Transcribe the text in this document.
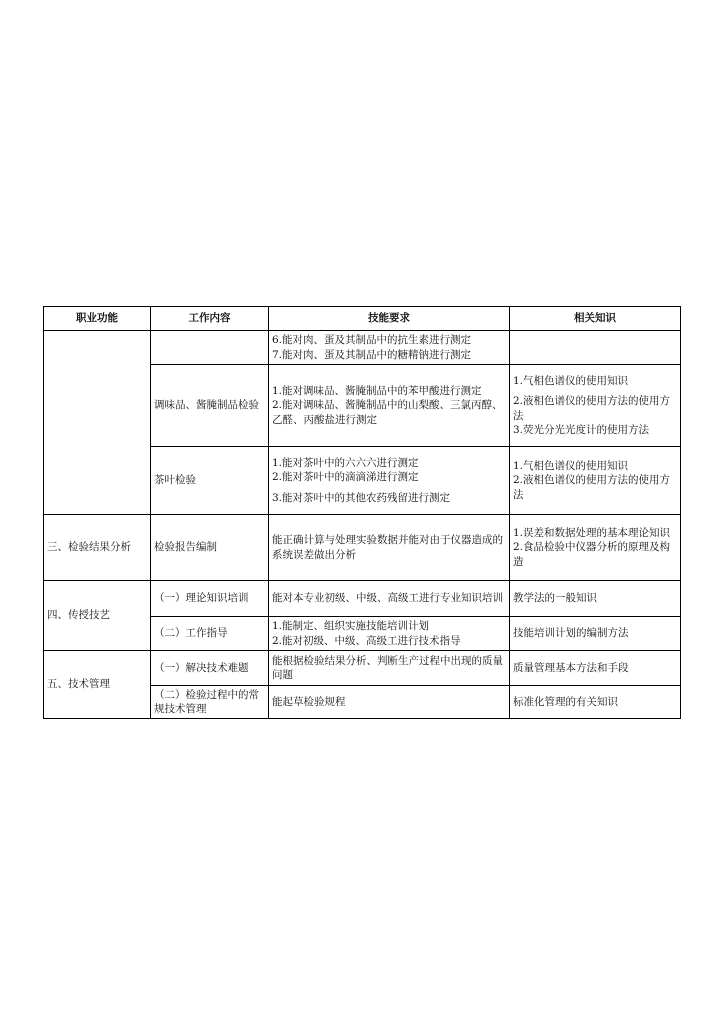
职业功能	工作内容	技能要求	相关知识

		6.能对肉、蛋及其制品中的抗生素进行测定
7.能对肉、蛋及其制品中的糖精钠进行测定	

	调味品、酱腌制品检验	1.能对调味品、酱腌制品中的苯甲酸进行测定
2.能对调味品、酱腌制品中的山梨酸、三氯丙醇、乙醛、丙酸盐进行测定	1.气相色谱仪的使用知识
2.液相色谱仪的使用方法的使用方法
3.荧光分光光度计的使用方法

	茶叶检验	1.能对茶叶中的六六六进行测定
2.能对茶叶中的滴滴涕进行测定
3.能对茶叶中的其他农药残留进行测定	1.气相色谱仪的使用知识
2.液相色谱仪的使用方法的使用方法

三、检验结果分析	检验报告编制	能正确计算与处理实验数据并能对由于仪器造成的系统误差做出分析	1.误差和数据处理的基本理论知识
2.食品检验中仪器分析的原理及构造

四、传授技艺	（一）理论知识培训	能对本专业初级、中级、高级工进行专业知识培训	教学法的一般知识

	（二）工作指导	1.能制定、组织实施技能培训计划
2.能对初级、中级、高级工进行技术指导	技能培训计划的编制方法

五、技术管理	（一）解决技术难题	能根据检验结果分析、判断生产过程中出现的质量问题	质量管理基本方法和手段

	（二）检验过程中的常规技术管理	能起草检验规程	标准化管理的有关知识
